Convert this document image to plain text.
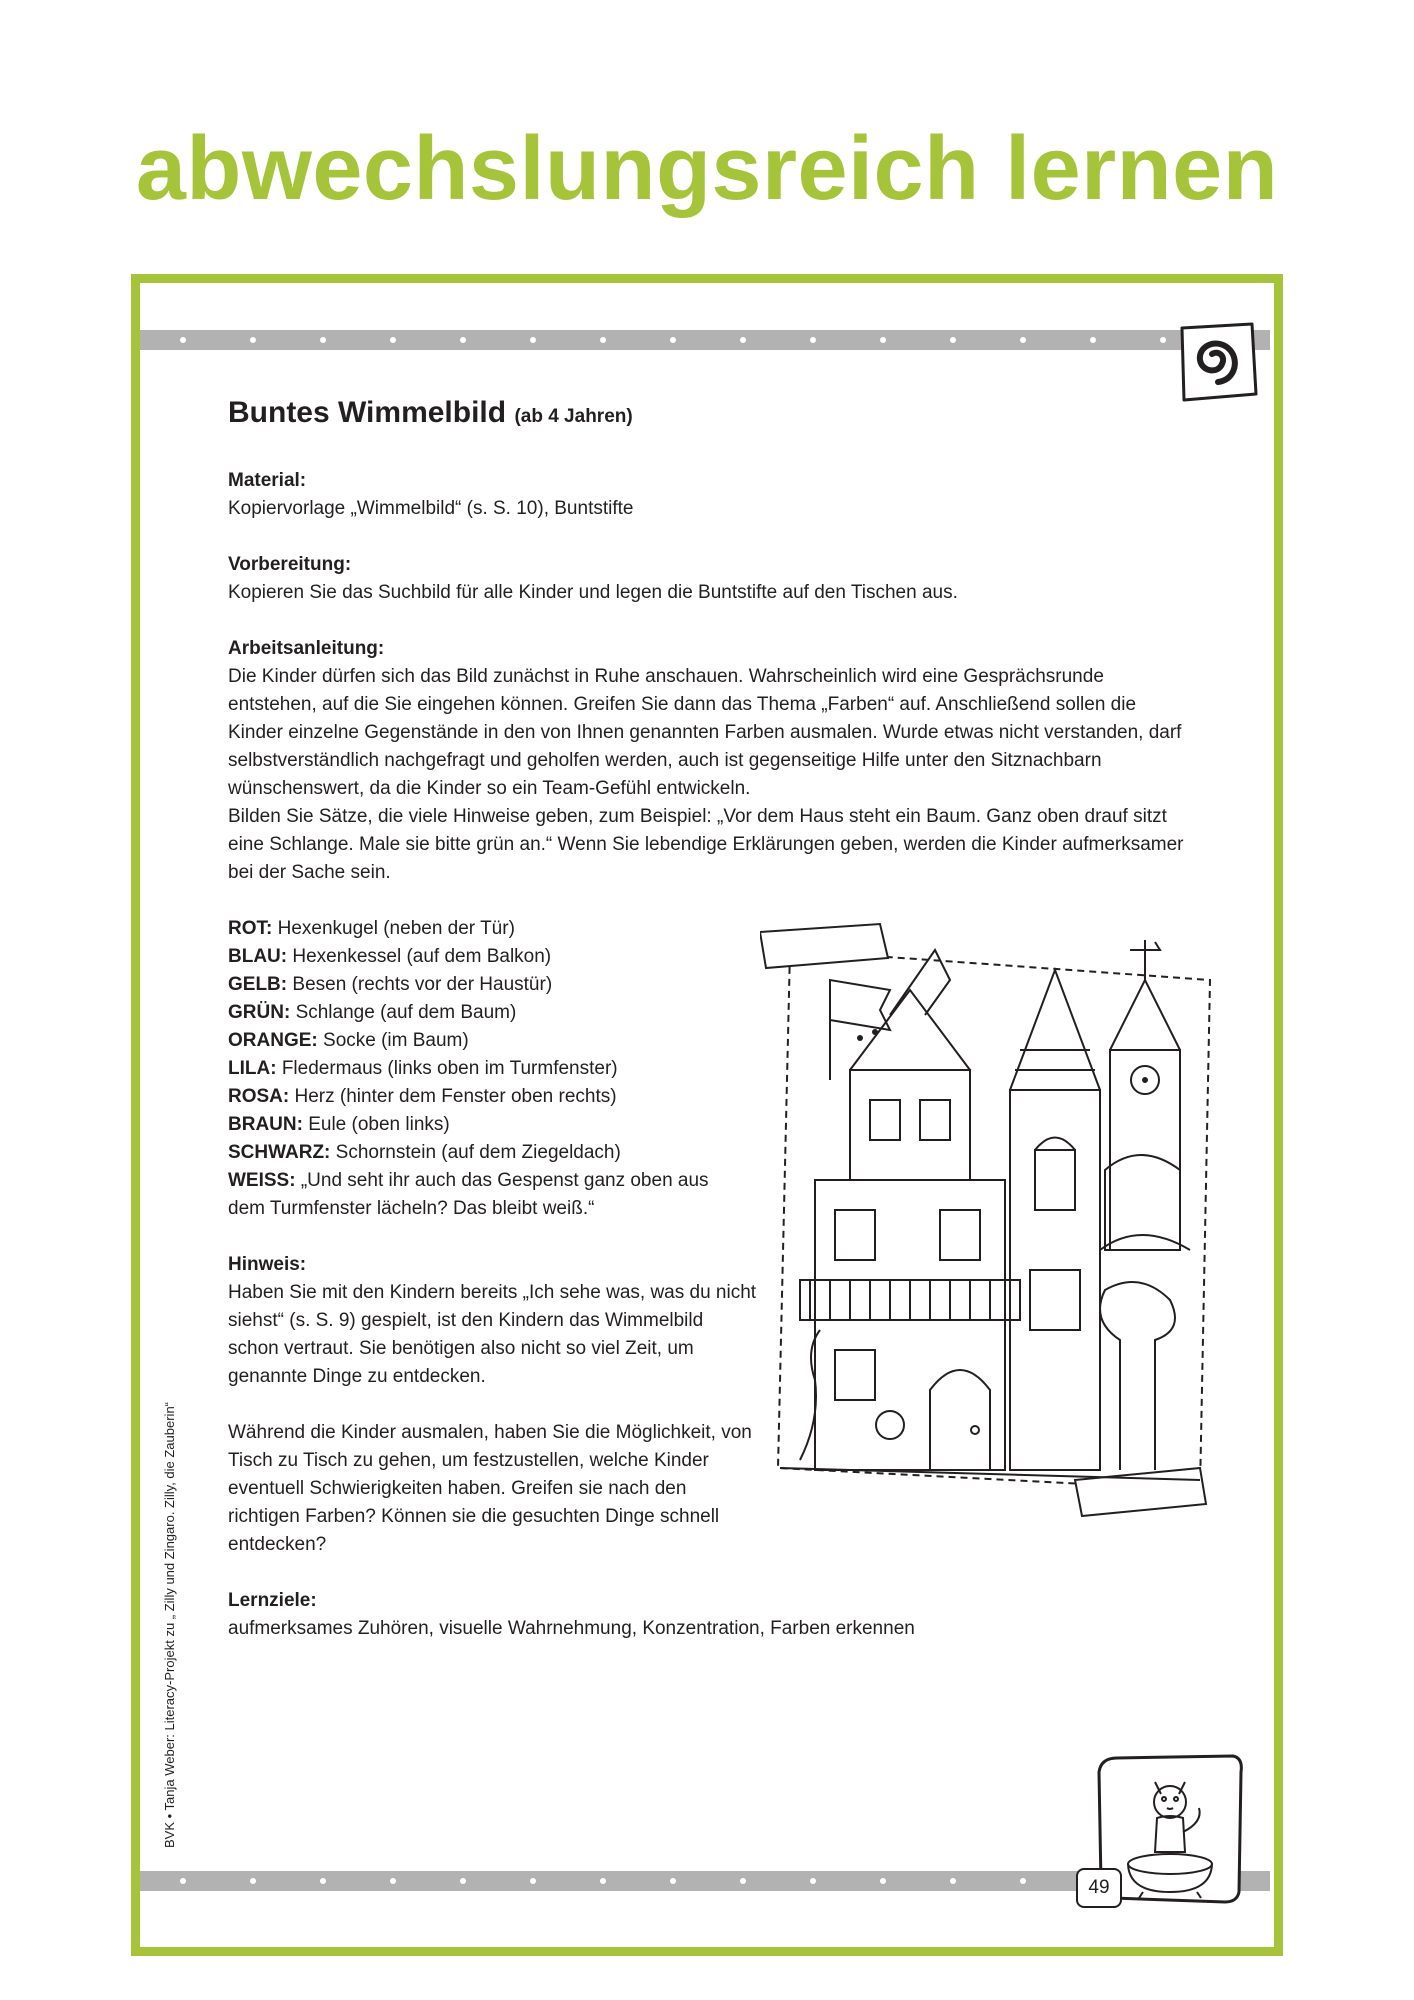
abwechslungsreich lernen
Buntes Wimmelbild (ab 4 Jahren)
Material:

Kopiervorlage „Wimmelbild“ (s. S. 10), Buntstifte

Vorbereitung:

Kopieren Sie das Suchbild für alle Kinder und legen die Buntstifte auf den Tischen aus.

Arbeitsanleitung:

Die Kinder dürfen sich das Bild zunächst in Ruhe anschauen. Wahrscheinlich wird eine Gesprächsrunde entstehen, auf die Sie eingehen können. Greifen Sie dann das Thema „Farben“ auf. Anschließend sollen die Kinder einzelne Gegenstände in den von Ihnen genannten Farben ausmalen. Wurde etwas nicht verstanden, darf selbstverständlich nachgefragt und geholfen werden, auch ist gegenseitige Hilfe unter den Sitznachbarn wünschenswert, da die Kinder so ein Team-Gefühl entwickeln.

Bilden Sie Sätze, die viele Hinweise geben, zum Beispiel: „Vor dem Haus steht ein Baum. Ganz oben drauf sitzt eine Schlange. Male sie bitte grün an.“ Wenn Sie lebendige Erklärungen geben, werden die Kinder aufmerksamer bei der Sache sein.

ROT: Hexenkugel (neben der Tür)
BLAU: Hexenkessel (auf dem Balkon)
GELB: Besen (rechts vor der Haustür)
GRÜN: Schlange (auf dem Baum)
ORANGE: Socke (im Baum)
LILA: Fledermaus (links oben im Turmfenster)
ROSA: Herz (hinter dem Fenster oben rechts)
BRAUN: Eule (oben links)
SCHWARZ: Schornstein (auf dem Ziegeldach)
WEISS: „Und seht ihr auch das Gespenst ganz oben aus dem Turmfenster lächeln? Das bleibt weiß.“
Hinweis:

Haben Sie mit den Kindern bereits „Ich sehe was, was du nicht siehst“ (s. S. 9) gespielt, ist den Kindern das Wimmelbild schon vertraut. Sie benötigen also nicht so viel Zeit, um genannte Dinge zu entdecken.

Während die Kinder ausmalen, haben Sie die Möglichkeit, von Tisch zu Tisch zu gehen, um festzustellen, welche Kinder eventuell Schwierigkeiten haben. Greifen sie nach den richtigen Farben? Können sie die gesuchten Dinge schnell entdecken?

Lernziele:

aufmerksames Zuhören, visuelle Wahrnehmung, Konzentration, Farben erkennen

49
BVK • Tanja Weber: Literacy-Projekt zu „ Zilly und Zingaro. Zilly, die Zauberin“
